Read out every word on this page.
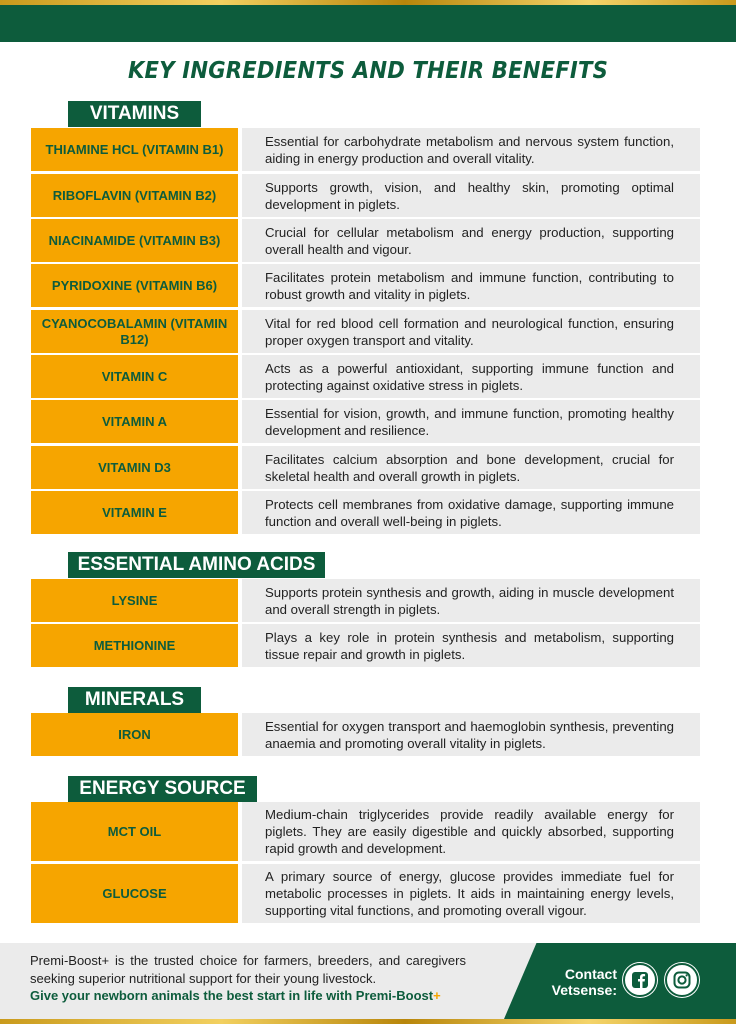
KEY INGREDIENTS AND THEIR BENEFITS
VITAMINS
THIAMINE HCL (VITAMIN B1)
Essential for carbohydrate metabolism and nervous system function, aiding in energy production and overall vitality.
RIBOFLAVIN (VITAMIN B2)
Supports growth, vision, and healthy skin, promoting optimal development in piglets.
NIACINAMIDE (VITAMIN B3)
Crucial for cellular metabolism and energy production, supporting overall health and vigour.
PYRIDOXINE (VITAMIN B6)
Facilitates protein metabolism and immune function, contributing to robust growth and vitality in piglets.
CYANOCOBALAMIN (VITAMIN B12)
Vital for red blood cell formation and neurological function, ensuring proper oxygen transport and vitality.
VITAMIN C
Acts as a powerful antioxidant, supporting immune function and protecting against oxidative stress in piglets.
VITAMIN A
Essential for vision, growth, and immune function, promoting healthy development and resilience.
VITAMIN D3
Facilitates calcium absorption and bone development, crucial for skeletal health and overall growth in piglets.
VITAMIN E
Protects cell membranes from oxidative damage, supporting immune function and overall well-being in piglets.
ESSENTIAL AMINO ACIDS
LYSINE
Supports protein synthesis and growth, aiding in muscle development and overall strength in piglets.
METHIONINE
Plays a key role in protein synthesis and metabolism, supporting tissue repair and growth in piglets.
MINERALS
IRON
Essential for oxygen transport and haemoglobin synthesis, preventing anaemia and promoting overall vitality in piglets.
ENERGY SOURCE
MCT OIL
Medium-chain triglycerides provide readily available energy for piglets. They are easily digestible and quickly absorbed, supporting rapid growth and development.
GLUCOSE
A primary source of energy, glucose provides immediate fuel for metabolic processes in piglets. It aids in maintaining energy levels, supporting vital functions, and promoting overall vigour.

Premi-Boost+ is the trusted choice for farmers, breeders, and caregivers seeking superior nutritional support for their young livestock.

Give your newborn animals the best start in life with Premi-Boost+

Contact
Vetsense:
